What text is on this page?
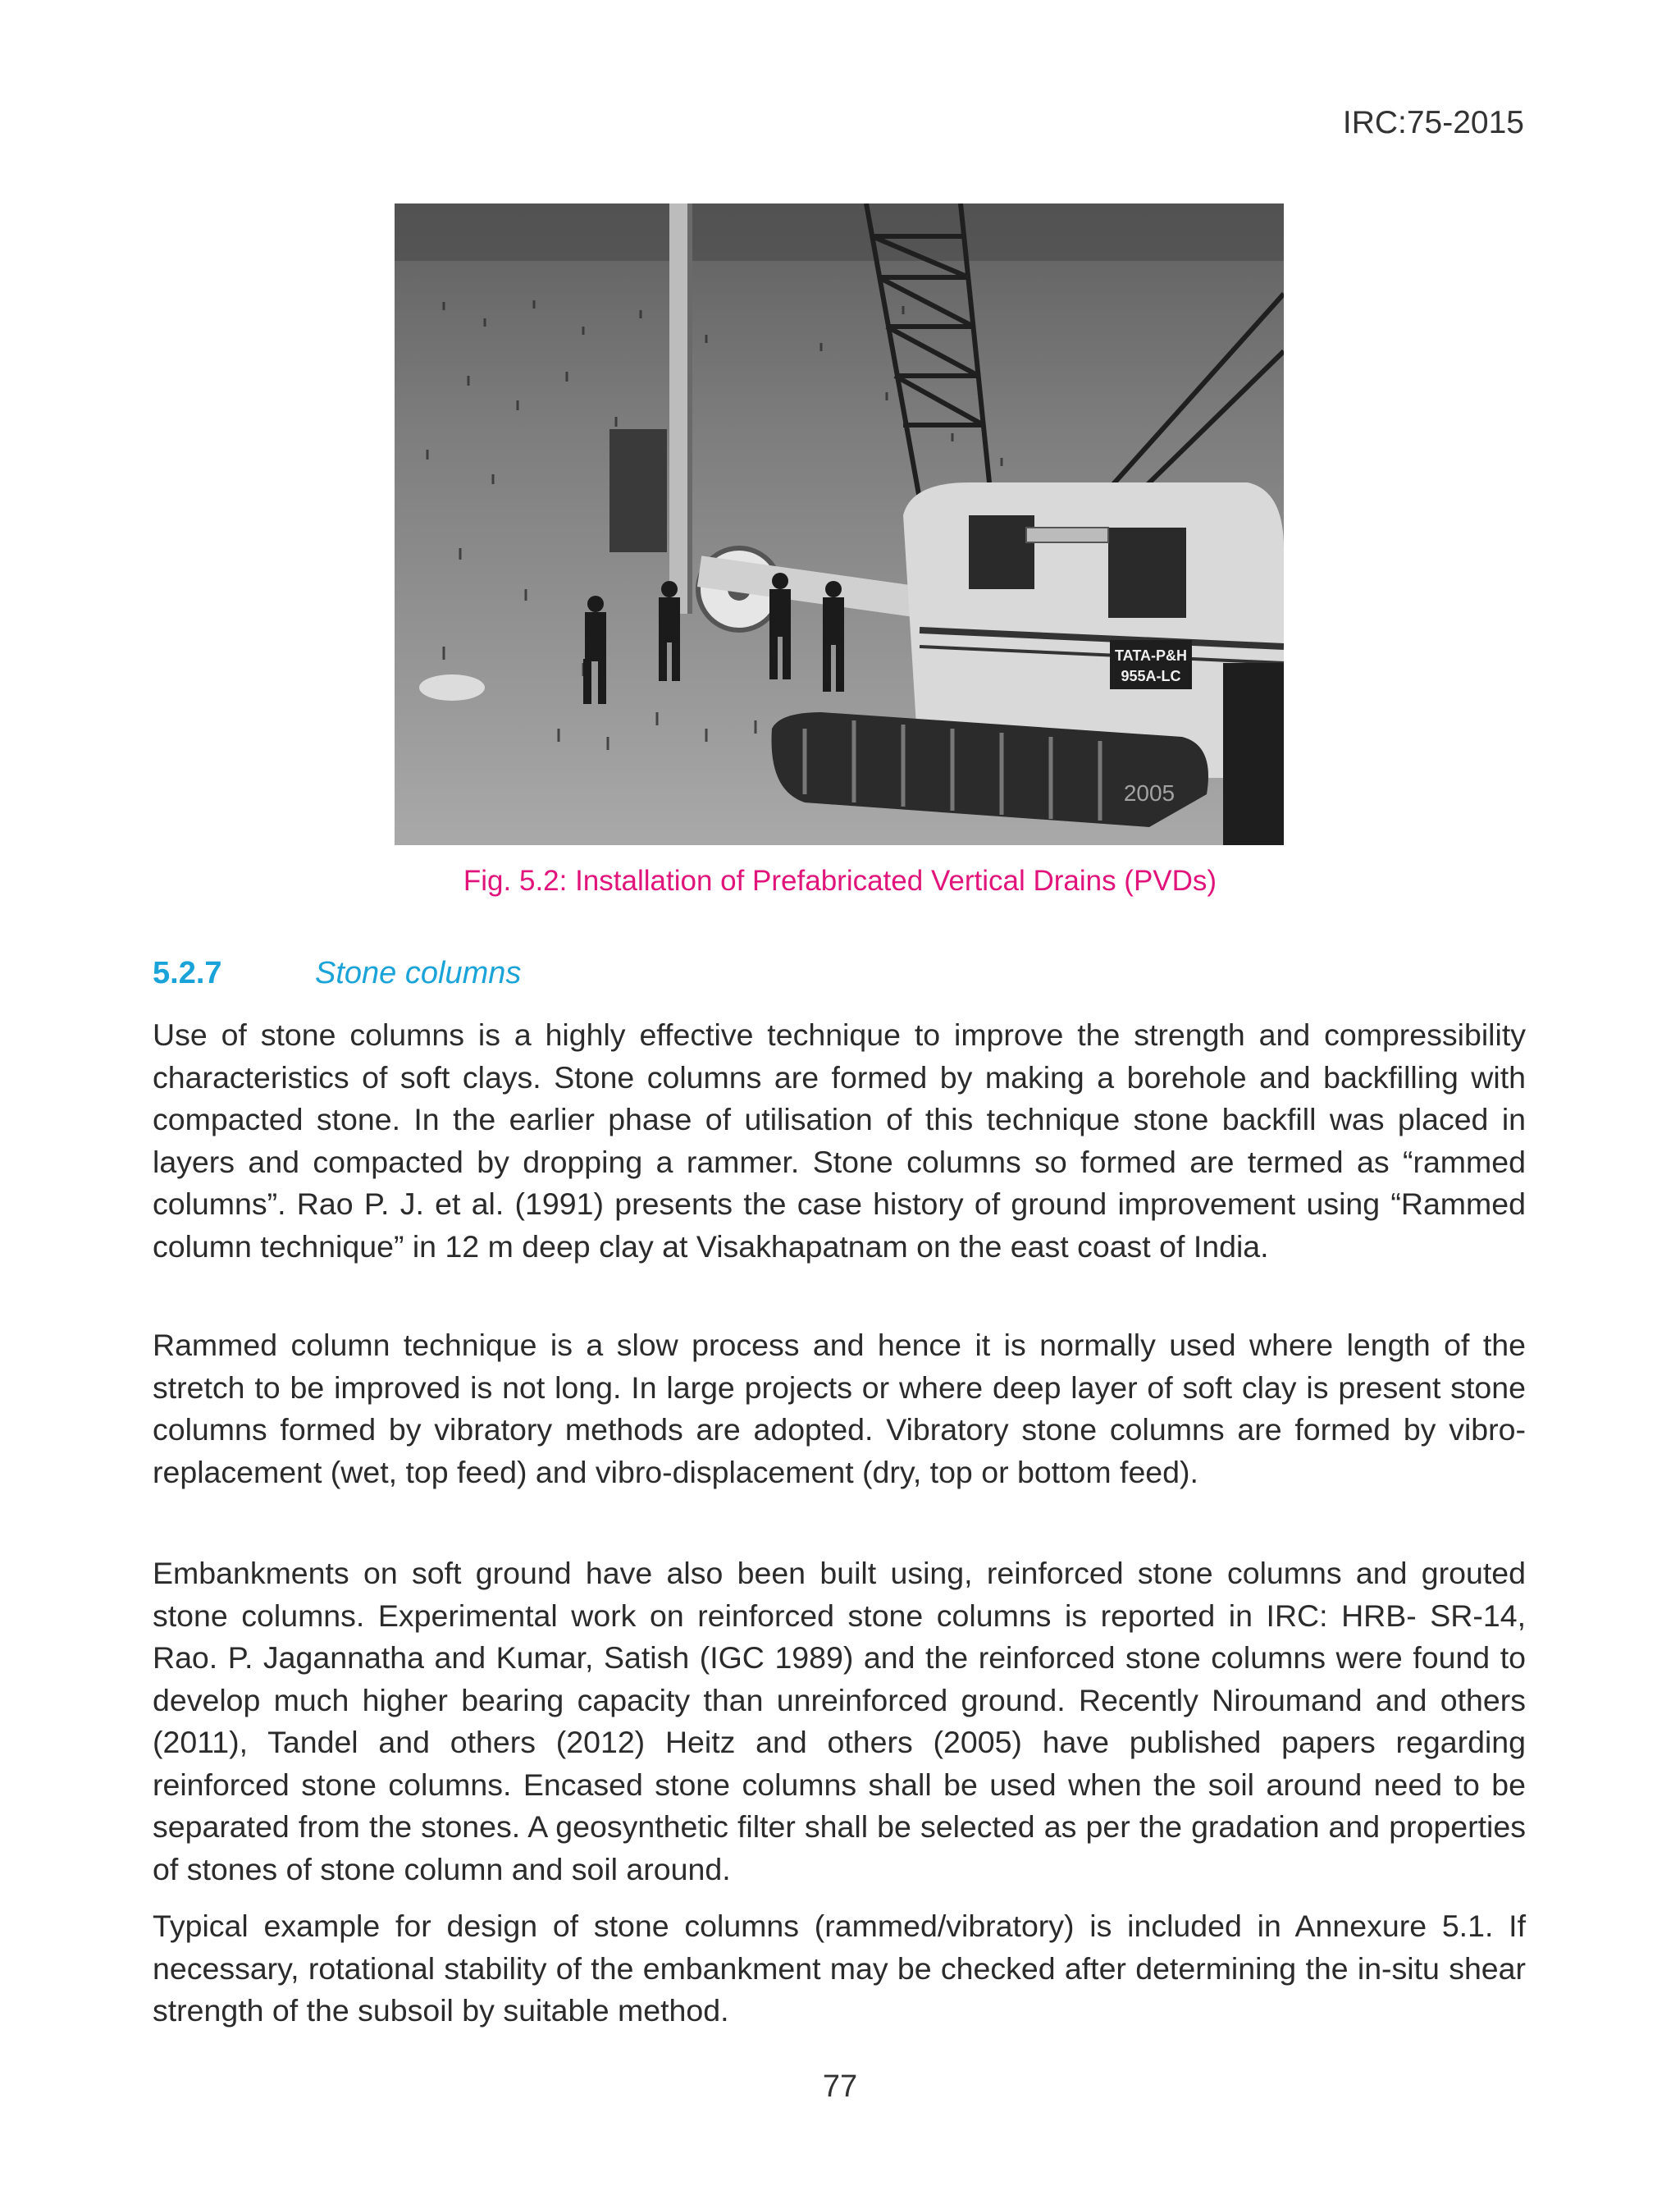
IRC:75-2015
TATA-P&H
955A-LC
2005
Fig. 5.2: Installation of Prefabricated Vertical Drains (PVDs)
5.2.7	Stone columns

Use of stone columns is a highly effective technique to improve the strength and compressibility characteristics of soft clays. Stone columns are formed by making a borehole and backfilling with compacted stone. In the earlier phase of utilisation of this technique stone backfill was placed in layers and compacted by dropping a rammer. Stone columns so formed are termed as “rammed columns”. Rao P. J. et al. (1991) presents the case history of ground improvement using “Rammed column technique” in 12 m deep clay at Visakhapatnam on the east coast of India.

Rammed column technique is a slow process and hence it is normally used where length of the stretch to be improved is not long. In large projects or where deep layer of soft clay is present stone columns formed by vibratory methods are adopted. Vibratory stone columns are formed by vibro-replacement (wet, top feed) and vibro-displacement (dry, top or bottom feed).

Embankments on soft ground have also been built using, reinforced stone columns and grouted stone columns. Experimental work on reinforced stone columns is reported in IRC: HRB- SR-14, Rao. P. Jagannatha and Kumar, Satish (IGC 1989) and the reinforced stone columns were found to develop much higher bearing capacity than unreinforced ground. Recently Niroumand and others (2011), Tandel and others (2012) Heitz and others (2005) have published papers regarding reinforced stone columns. Encased stone columns shall be used when the soil around need to be separated from the stones. A geosynthetic filter shall be selected as per the gradation and properties of stones of stone column and soil around.

Typical example for design of stone columns (rammed/vibratory) is included in Annexure 5.1. If necessary, rotational stability of the embankment may be checked after determining the in-situ shear strength of the subsoil by suitable method.

77
